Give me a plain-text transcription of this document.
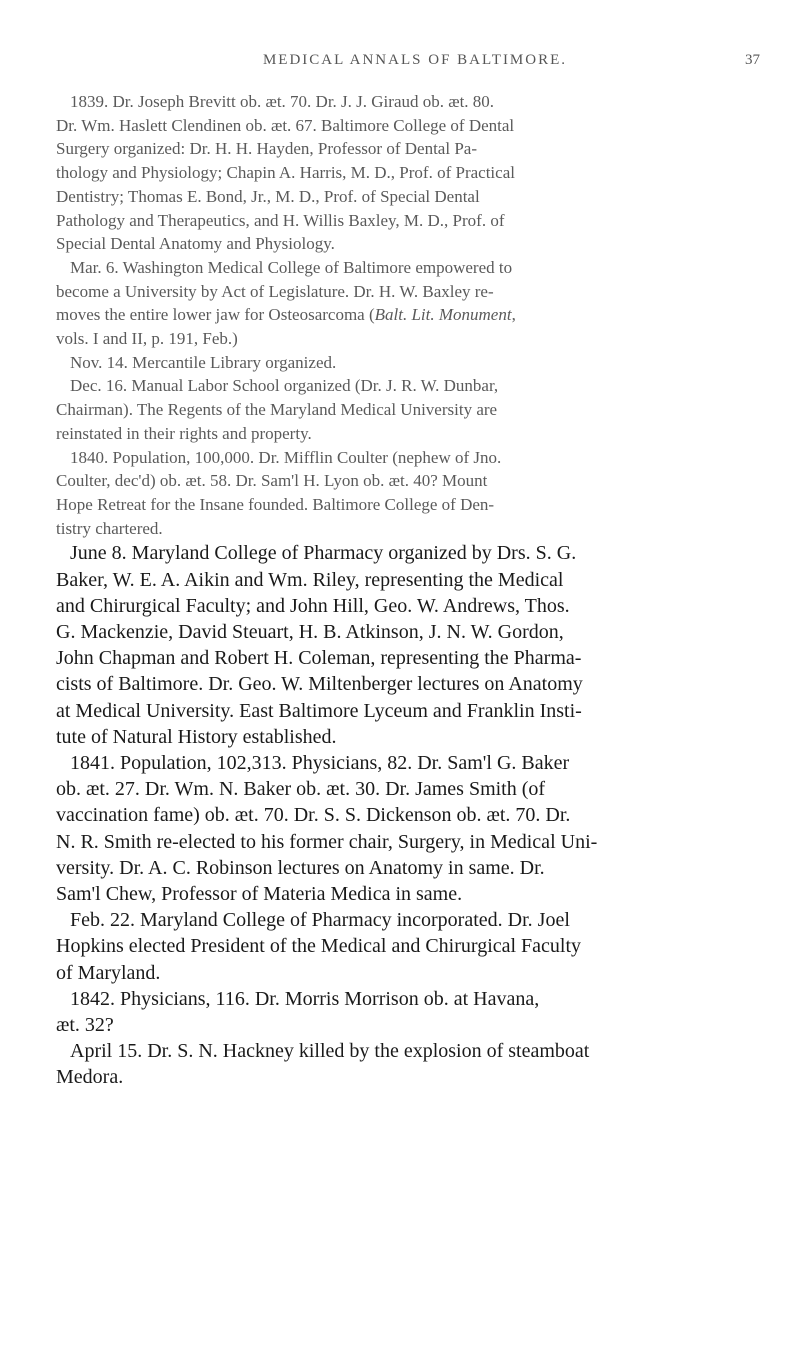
MEDICAL ANNALS OF BALTIMORE.	37
1839. Dr. Joseph Brevitt ob. æt. 70. Dr. J. J. Giraud ob. æt. 80.
Dr. Wm. Haslett Clendinen ob. æt. 67. Baltimore College of Dental
Surgery organized: Dr. H. H. Hayden, Professor of Dental Pa-
thology and Physiology; Chapin A. Harris, M. D., Prof. of Practical
Dentistry; Thomas E. Bond, Jr., M. D., Prof. of Special Dental
Pathology and Therapeutics, and H. Willis Baxley, M. D., Prof. of
Special Dental Anatomy and Physiology.
Mar. 6. Washington Medical College of Baltimore empowered to
become a University by Act of Legislature. Dr. H. W. Baxley re-
moves the entire lower jaw for Osteosarcoma (Balt. Lit. Monument,
vols. I and II, p. 191, Feb.)
Nov. 14. Mercantile Library organized.
Dec. 16. Manual Labor School organized (Dr. J. R. W. Dunbar,
Chairman). The Regents of the Maryland Medical University are
reinstated in their rights and property.
1840. Population, 100,000. Dr. Mifflin Coulter (nephew of Jno.
Coulter, dec'd) ob. æt. 58. Dr. Sam'l H. Lyon ob. æt. 40? Mount
Hope Retreat for the Insane founded. Baltimore College of Den-
tistry chartered.
June 8. Maryland College of Pharmacy organized by Drs. S. G.
Baker, W. E. A. Aikin and Wm. Riley, representing the Medical
and Chirurgical Faculty; and John Hill, Geo. W. Andrews, Thos.
G. Mackenzie, David Steuart, H. B. Atkinson, J. N. W. Gordon,
John Chapman and Robert H. Coleman, representing the Pharma-
cists of Baltimore. Dr. Geo. W. Miltenberger lectures on Anatomy
at Medical University. East Baltimore Lyceum and Franklin Insti-
tute of Natural History established.
1841. Population, 102,313. Physicians, 82. Dr. Sam'l G. Baker
ob. æt. 27. Dr. Wm. N. Baker ob. æt. 30. Dr. James Smith (of
vaccination fame) ob. æt. 70. Dr. S. S. Dickenson ob. æt. 70. Dr.
N. R. Smith re-elected to his former chair, Surgery, in Medical Uni-
versity. Dr. A. C. Robinson lectures on Anatomy in same. Dr.
Sam'l Chew, Professor of Materia Medica in same.
Feb. 22. Maryland College of Pharmacy incorporated. Dr. Joel
Hopkins elected President of the Medical and Chirurgical Faculty
of Maryland.
1842. Physicians, 116. Dr. Morris Morrison ob. at Havana,
æt. 32?
April 15. Dr. S. N. Hackney killed by the explosion of steamboat
Medora.
